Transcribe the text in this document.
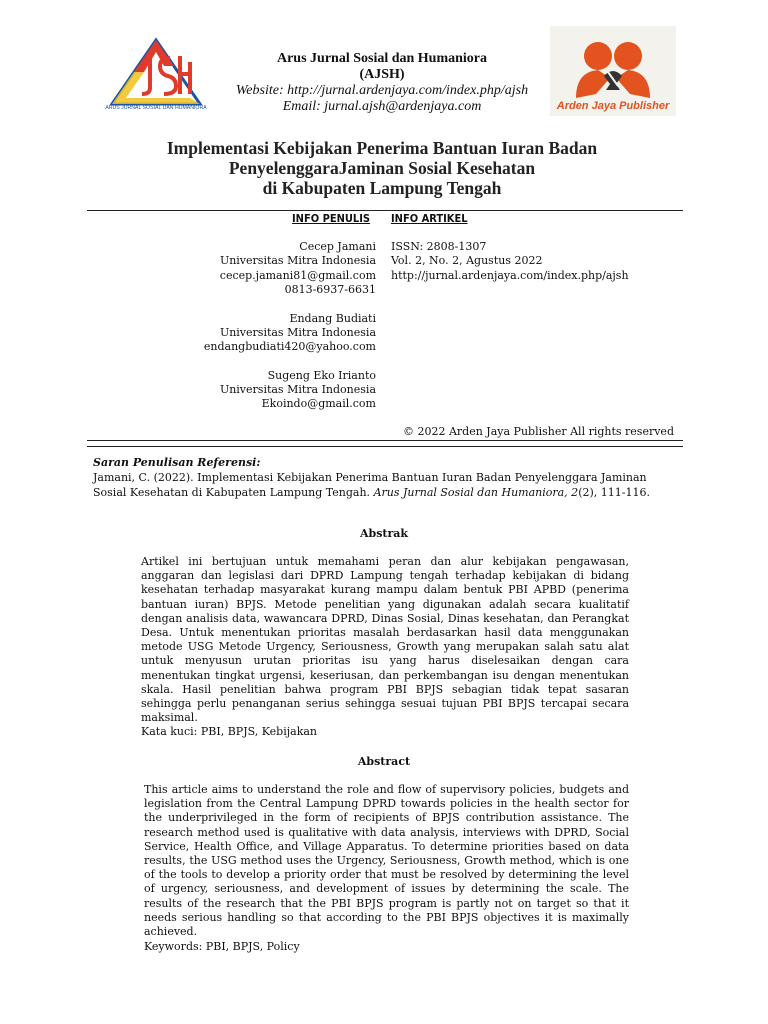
ARUS JURNAL SOSIAL DAN HUMANIORA
Arus Jurnal Sosial dan Humaniora
(AJSH)
Website: http://jurnal.ardenjaya.com/index.php/ajsh
Email: jurnal.ajsh@ardenjaya.com	Arden Jaya Publisher
Implementasi Kebijakan Penerima Bantuan Iuran Badan
PenyelenggaraJaminan Sosial Kesehatan
di Kabupaten Lampung Tengah
INFO PENULIS INFO ARTIKEL
Cecep Jamani
Universitas Mitra Indonesia
cecep.jamani81@gmail.com
0813-6937-6631
Endang Budiati
Universitas Mitra Indonesia
endangbudiati420@yahoo.com
Sugeng Eko Irianto
Universitas Mitra Indonesia
Ekoindo@gmail.com
ISSN: 2808-1307
Vol. 2, No. 2, Agustus 2022
http://jurnal.ardenjaya.com/index.php/ajsh
© 2022 Arden Jaya Publisher All rights reserved
Saran Penulisan Referensi:
Jamani, C. (2022). Implementasi Kebijakan Penerima Bantuan Iuran Badan Penyelenggara Jaminan Sosial Kesehatan di Kabupaten Lampung Tengah. Arus Jurnal Sosial dan Humaniora, 2(2), 111-116.
Abstrak
Artikel ini bertujuan untuk memahami peran dan alur kebijakan pengawasan, anggaran dan legislasi dari DPRD Lampung tengah terhadap kebijakan di bidang kesehatan terhadap masyarakat kurang mampu dalam bentuk PBI APBD (penerima bantuan iuran) BPJS. Metode penelitian yang digunakan adalah secara kualitatif dengan analisis data, wawancara DPRD, Dinas Sosial, Dinas kesehatan, dan Perangkat Desa. Untuk menentukan prioritas masalah berdasarkan hasil data menggunakan metode USG Metode Urgency, Seriousness, Growth yang merupakan salah satu alat untuk menyusun urutan prioritas isu yang harus diselesaikan dengan cara menentukan tingkat urgensi, keseriusan, dan perkembangan isu dengan menentukan skala. Hasil penelitian bahwa program PBI BPJS sebagian tidak tepat sasaran sehingga perlu penanganan serius sehingga sesuai tujuan PBI BPJS tercapai secara maksimal.
Kata kuci: PBI, BPJS, Kebijakan
Abstract
This article aims to understand the role and flow of supervisory policies, budgets and legislation from the Central Lampung DPRD towards policies in the health sector for the underprivileged in the form of recipients of BPJS contribution assistance. The research method used is qualitative with data analysis, interviews with DPRD, Social Service, Health Office, and Village Apparatus. To determine priorities based on data results, the USG method uses the Urgency, Seriousness, Growth method, which is one of the tools to develop a priority order that must be resolved by determining the level of urgency, seriousness, and development of issues by determining the scale. The results of the research that the PBI BPJS program is partly not on target so that it needs serious handling so that according to the PBI BPJS objectives it is maximally achieved.
Keywords: PBI, BPJS, Policy
